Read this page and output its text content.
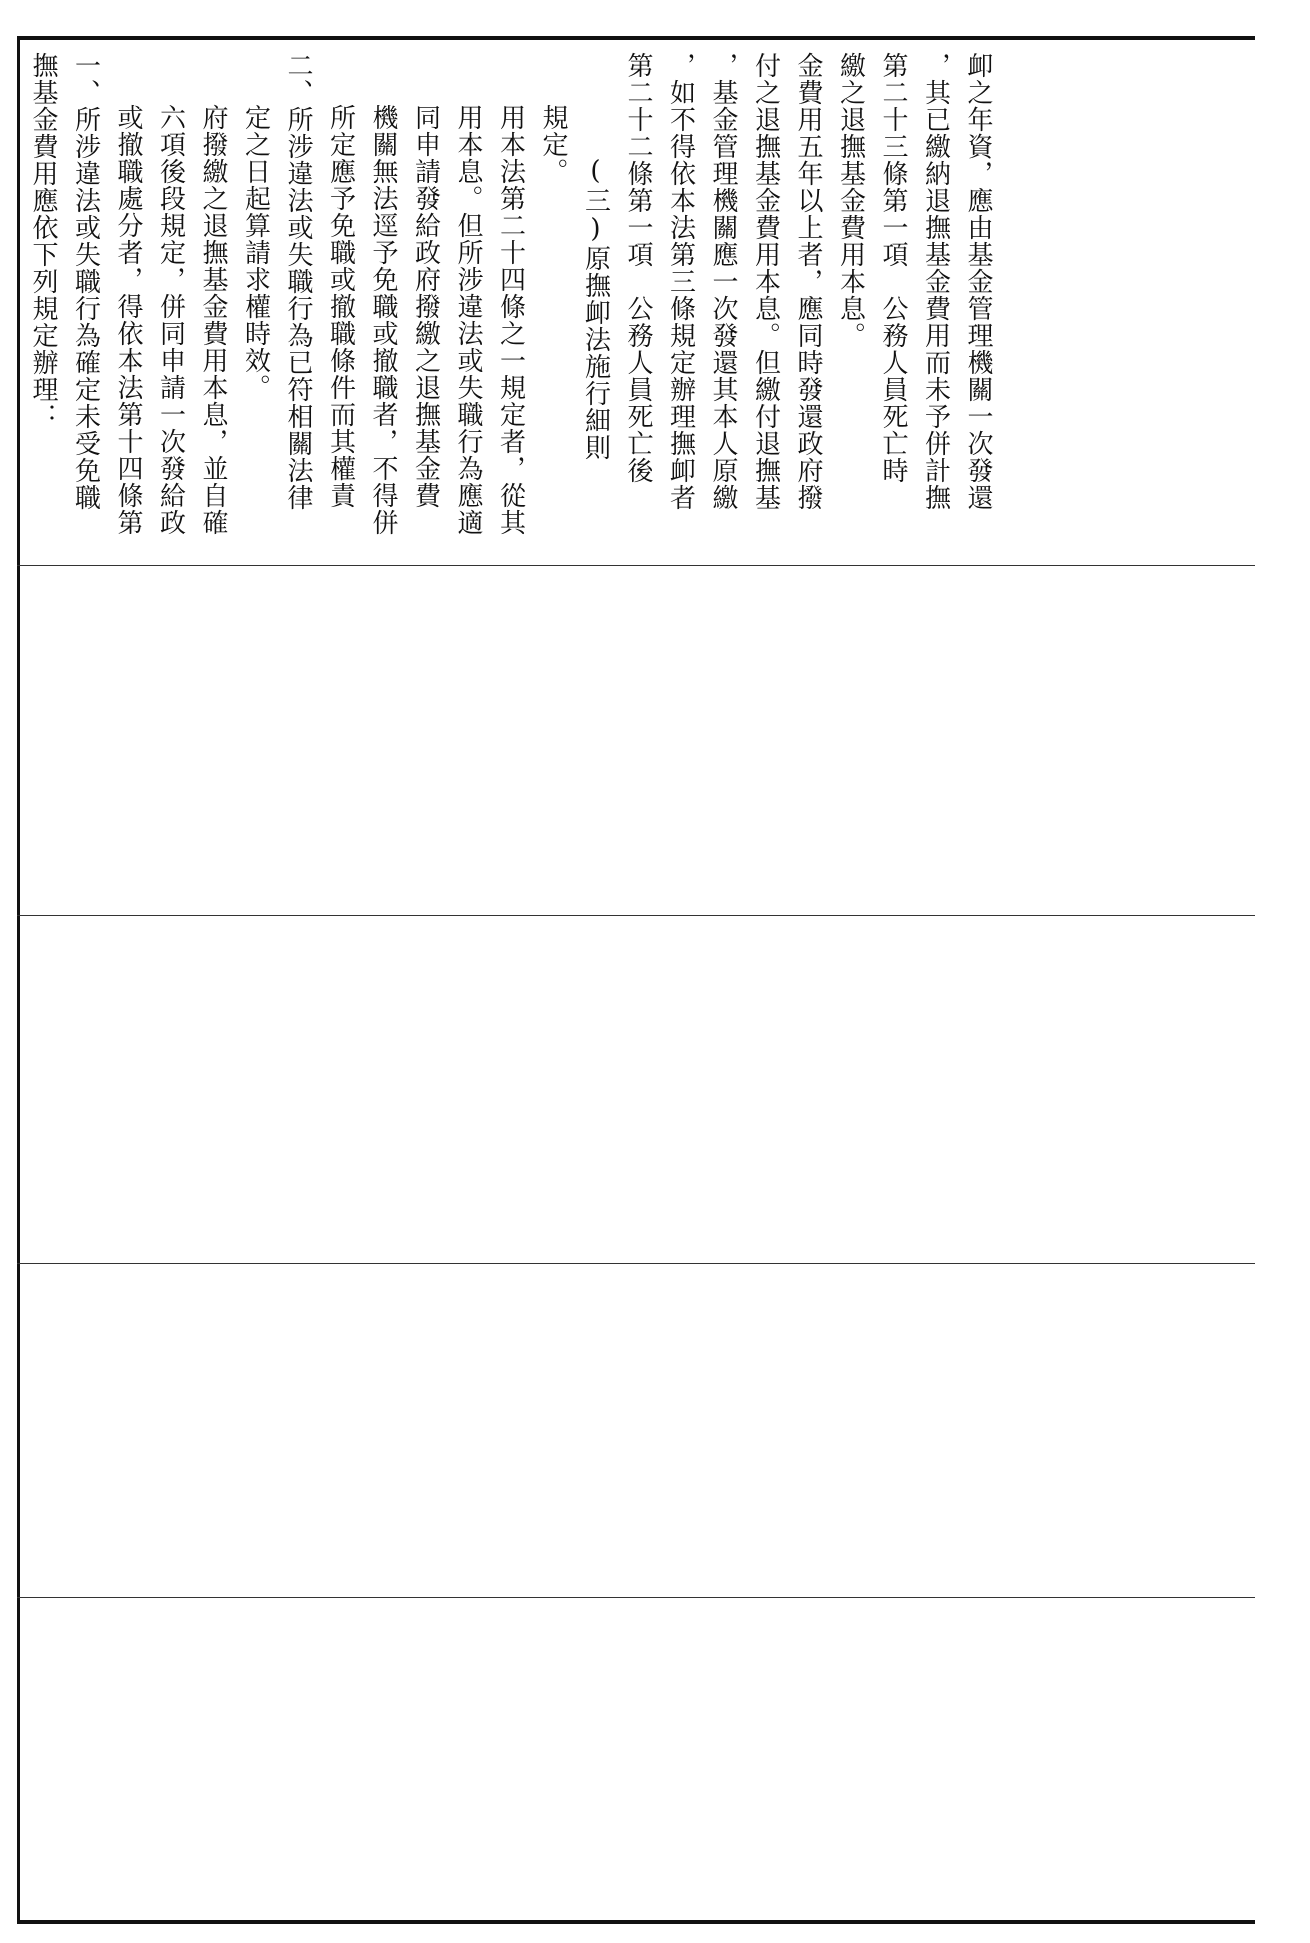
撫基金費用應依下列規定辦理： 一、所涉違法或失職行為確定未受免職 或撤職處分者，得依本法第十四條第 六項後段規定，併同申請一次發給政 府撥繳之退撫基金費用本息，並自確 定之日起算請求權時效。 二、所涉違法或失職行為已符相關法律 所定應予免職或撤職條件而其權責 機關無法逕予免職或撤職者，不得併 同申請發給政府撥繳之退撫基金費 用本息。但所涉違法或失職行為應適 用本法第二十四條之一規定者，從其 規定。
(三)原撫卹法施行細則 第二十二條第一項　公務人員死亡後 ，如不得依本法第三條規定辦理撫卹者 ，基金管理機關應一次發還其本人原繳 付之退撫基金費用本息。但繳付退撫基 金費用五年以上者，應同時發還政府撥 繳之退撫基金費用本息。 第二十三條第一項　公務人員死亡時 ，其已繳納退撫基金費用而未予併計撫 卹之年資，應由基金管理機關一次發還
